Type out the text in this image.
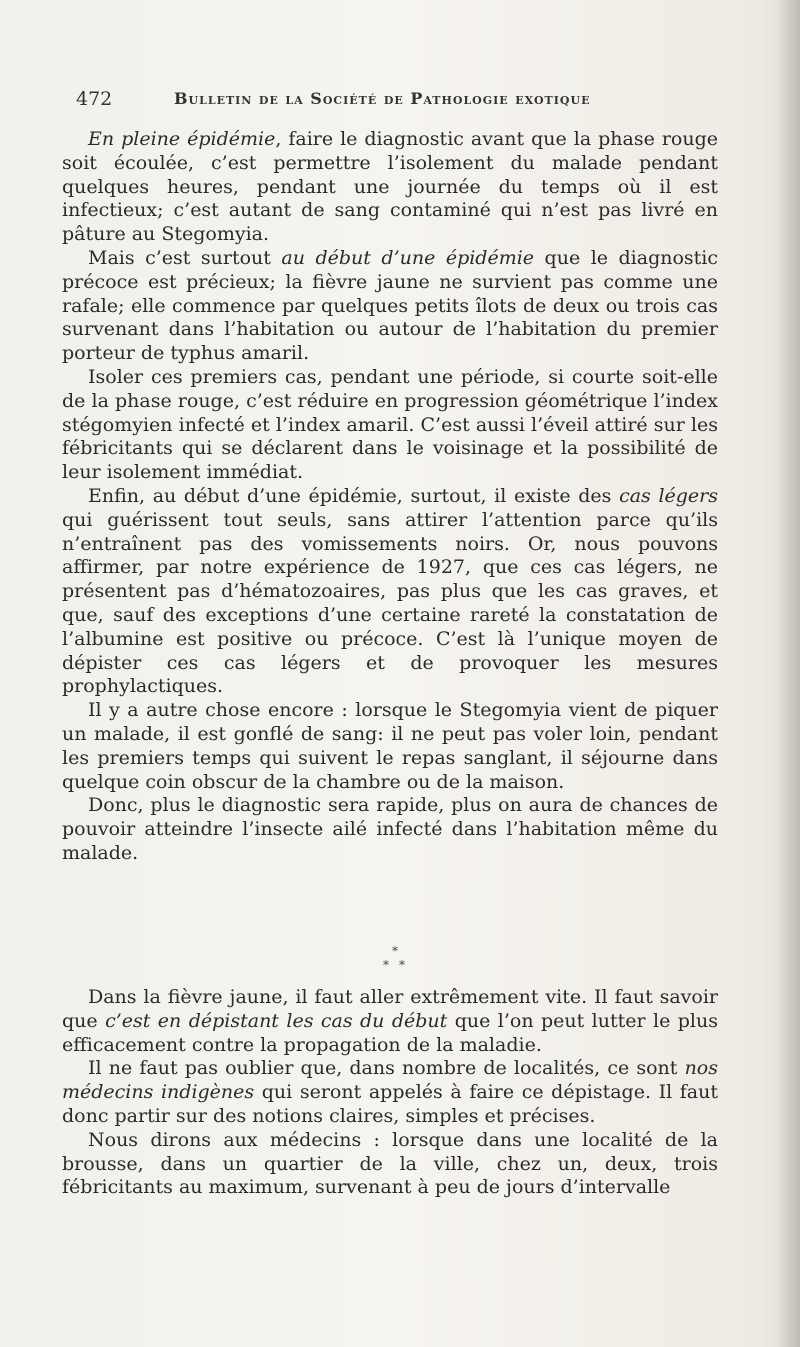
472	Bulletin de la Société de Pathologie exotique

En pleine épidémie, faire le diagnostic avant que la phase rouge soit écoulée, c’est permettre l’isolement du malade pendant quelques heures, pendant une journée du temps où il est infectieux; c’est autant de sang contaminé qui n’est pas livré en pâture au Stegomyia.

Mais c’est surtout au début d’une épidémie que le diagnostic précoce est précieux; la fièvre jaune ne survient pas comme une rafale; elle commence par quelques petits îlots de deux ou trois cas survenant dans l’habitation ou autour de l’habitation du premier porteur de typhus amaril.

Isoler ces premiers cas, pendant une période, si courte soit-elle de la phase rouge, c’est réduire en progression géométrique l’index stégomyien infecté et l’index amaril. C’est aussi l’éveil attiré sur les fébricitants qui se déclarent dans le voisinage et la possibilité de leur isolement immédiat.

Enfin, au début d’une épidémie, surtout, il existe des cas légers qui guérissent tout seuls, sans attirer l’attention parce qu’ils n’entraînent pas des vomissements noirs. Or, nous pouvons affirmer, par notre expérience de 1927, que ces cas légers, ne présentent pas d’hématozoaires, pas plus que les cas graves, et que, sauf des exceptions d’une certaine rareté la constatation de l’albumine est positive ou précoce. C’est là l’unique moyen de dépister ces cas légers et de provoquer les mesures prophylactiques.

Il y a autre chose encore : lorsque le Stegomyia vient de piquer un malade, il est gonflé de sang: il ne peut pas voler loin, pendant les premiers temps qui suivent le repas sanglant, il séjourne dans quelque coin obscur de la chambre ou de la maison.

Donc, plus le diagnostic sera rapide, plus on aura de chances de pouvoir atteindre l’insecte ailé infecté dans l’habitation même du malade.

*
* *

Dans la fièvre jaune, il faut aller extrêmement vite. Il faut savoir que c’est en dépistant les cas du début que l’on peut lutter le plus efficacement contre la propagation de la maladie.

Il ne faut pas oublier que, dans nombre de localités, ce sont nos médecins indigènes qui seront appelés à faire ce dépistage. Il faut donc partir sur des notions claires, simples et précises.

Nous dirons aux médecins : lorsque dans une localité de la brousse, dans un quartier de la ville, chez un, deux, trois fébricitants au maximum, survenant à peu de jours d’intervalle
